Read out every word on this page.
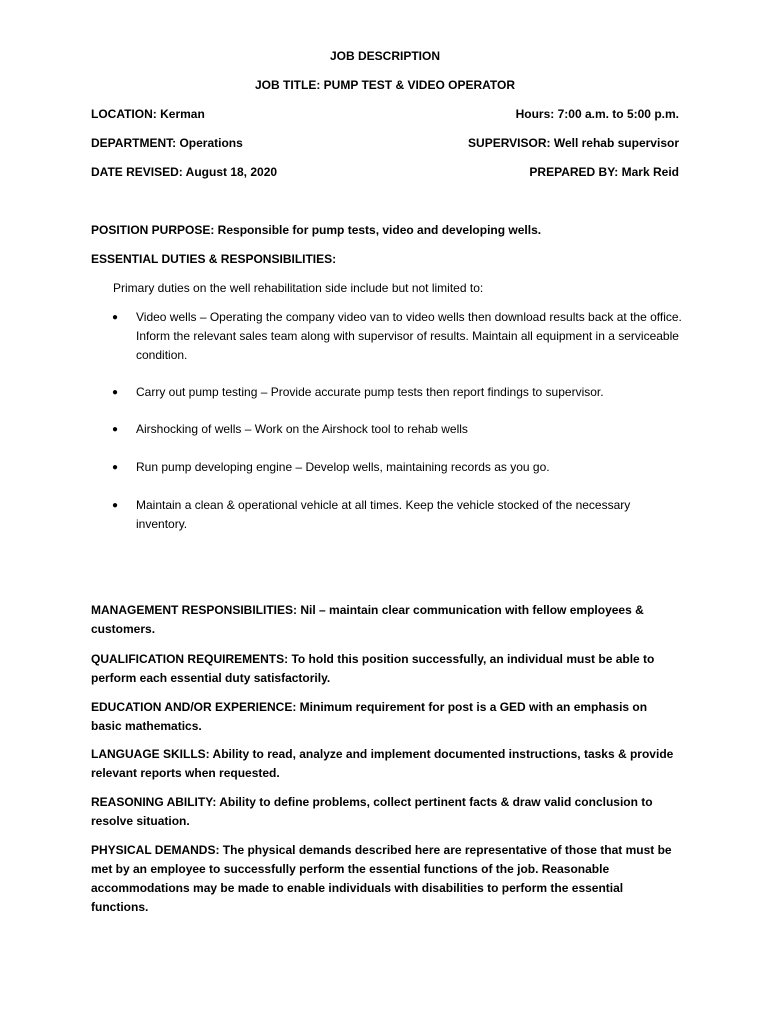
JOB DESCRIPTION
JOB TITLE: PUMP TEST & VIDEO OPERATOR
LOCATION: Kerman	Hours: 7:00 a.m. to 5:00 p.m.
DEPARTMENT: Operations	SUPERVISOR: Well rehab supervisor
DATE REVISED: August 18, 2020	PREPARED BY: Mark Reid
POSITION PURPOSE: Responsible for pump tests, video and developing wells.
ESSENTIAL DUTIES & RESPONSIBILITIES:
Primary duties on the well rehabilitation side include but not limited to:
●	Video wells – Operating the company video van to video wells then download results back at the office. Inform the relevant sales team along with supervisor of results. Maintain all equipment in a serviceable condition.
●	Carry out pump testing – Provide accurate pump tests then report findings to supervisor.
●	Airshocking of wells – Work on the Airshock tool to rehab wells
●	Run pump developing engine – Develop wells, maintaining records as you go.
●	Maintain a clean & operational vehicle at all times. Keep the vehicle stocked of the necessary inventory.
MANAGEMENT RESPONSIBILITIES: Nil – maintain clear communication with fellow employees & customers.
QUALIFICATION REQUIREMENTS: To hold this position successfully, an individual must be able to perform each essential duty satisfactorily.
EDUCATION AND/OR EXPERIENCE: Minimum requirement for post is a GED with an emphasis on basic mathematics.
LANGUAGE SKILLS: Ability to read, analyze and implement documented instructions, tasks & provide relevant reports when requested.
REASONING ABILITY: Ability to define problems, collect pertinent facts & draw valid conclusion to resolve situation.
PHYSICAL DEMANDS: The physical demands described here are representative of those that must be met by an employee to successfully perform the essential functions of the job. Reasonable accommodations may be made to enable individuals with disabilities to perform the essential functions.
